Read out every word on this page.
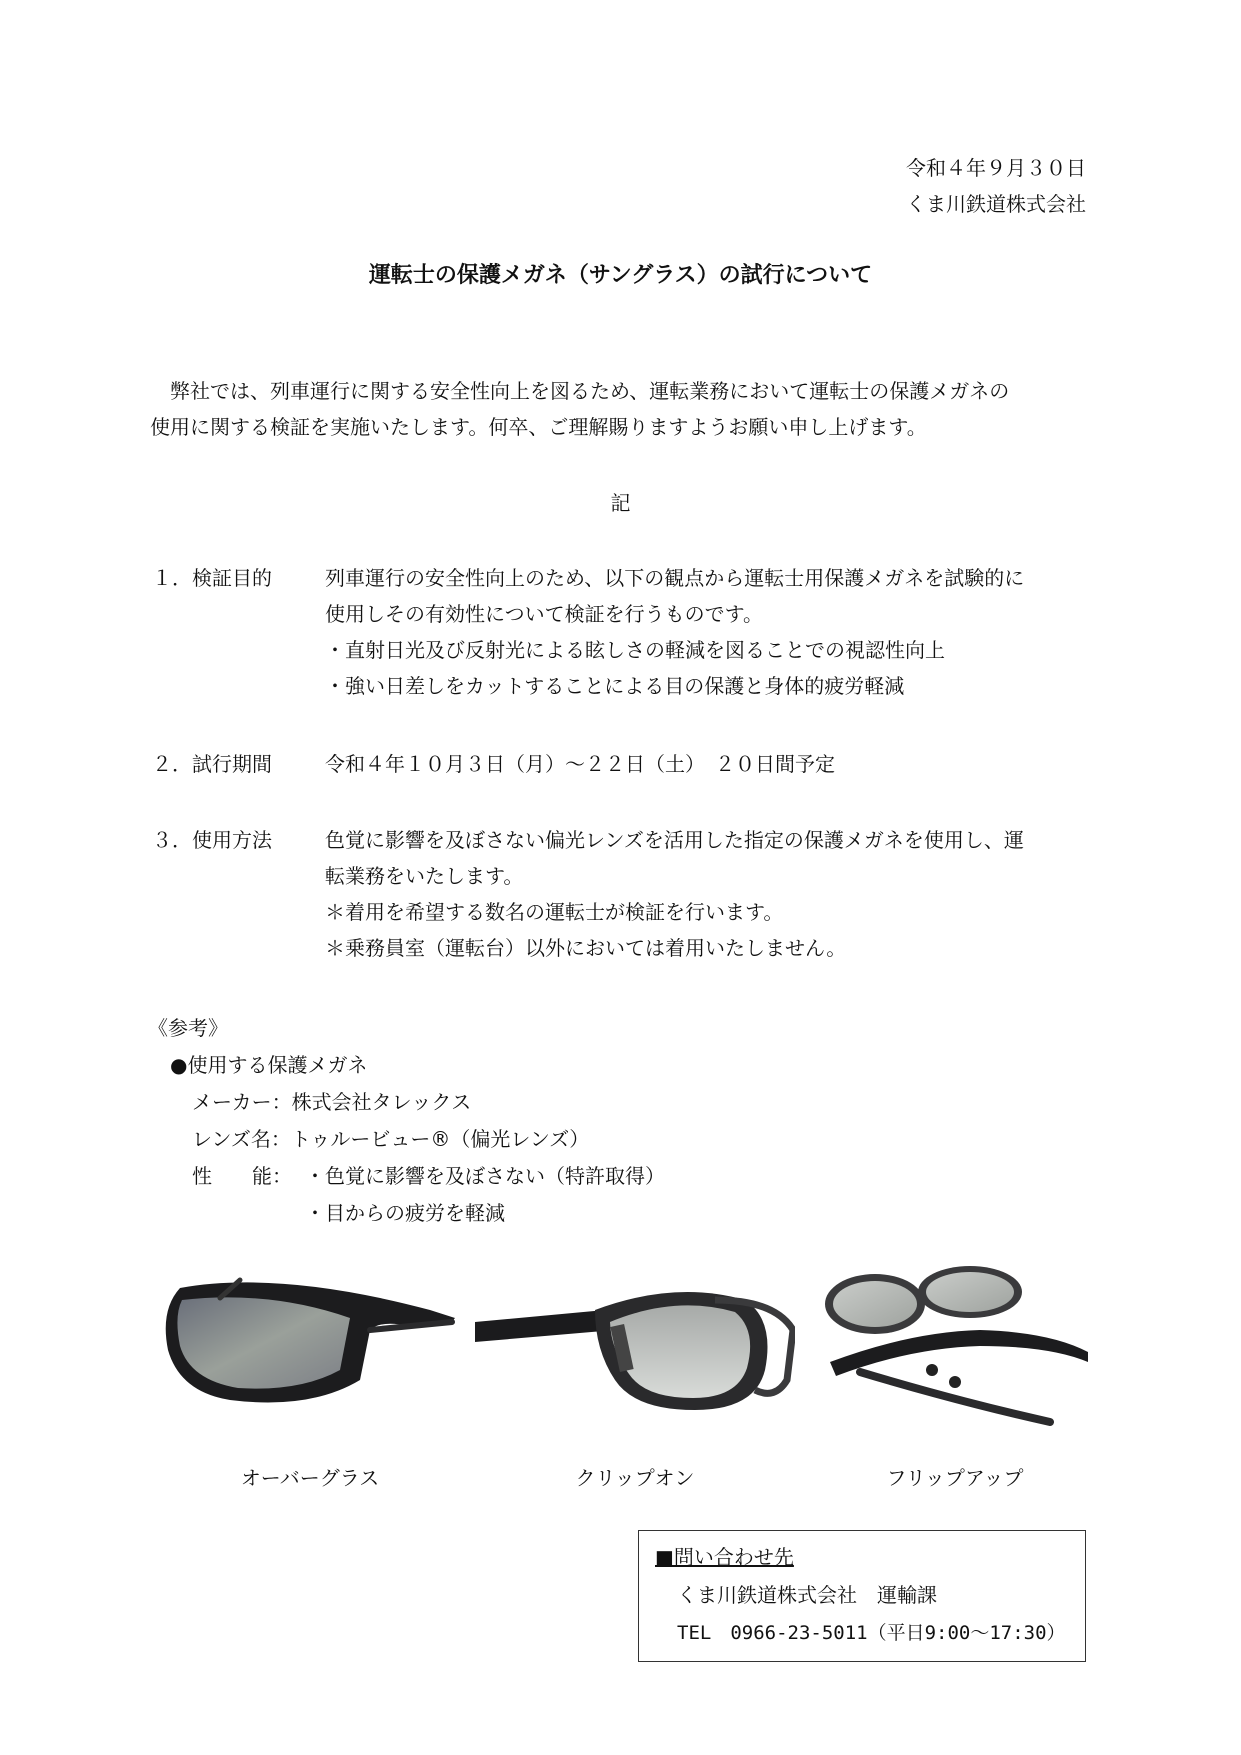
令和４年９月３０日
くま川鉄道株式会社
運転士の保護メガネ（サングラス）の試行について
弊社では、列車運行に関する安全性向上を図るため、運転業務において運転士の保護メガネの
使用に関する検証を実施いたします。何卒、ご理解賜りますようお願い申し上げます。
記
１． 検証目的	列車運行の安全性向上のため、以下の観点から運転士用保護メガネを試験的に
使用しその有効性について検証を行うものです。
・直射日光及び反射光による眩しさの軽減を図ることでの視認性向上
・強い日差しをカットすることによる目の保護と身体的疲労軽減
２． 試行期間	令和４年１０月３日（月）～２２日（土）　２０日間予定
３． 使用方法	色覚に影響を及ぼさない偏光レンズを活用した指定の保護メガネを使用し、運
転業務をいたします。
＊着用を希望する数名の運転士が検証を行います。
＊乗務員室（運転台）以外においては着用いたしません。
《参考》
●使用する保護メガネ
メーカー：株式会社タレックス
レンズ名：トゥルービュー®（偏光レンズ）
性　　能： ・色覚に影響を及ぼさない（特許取得）
・目からの疲労を軽減
オーバーグラス	クリップオン	フリップアップ
■問い合わせ先
くま川鉄道株式会社　運輸課
TEL　0966-23-5011（平日9:00～17:30）
